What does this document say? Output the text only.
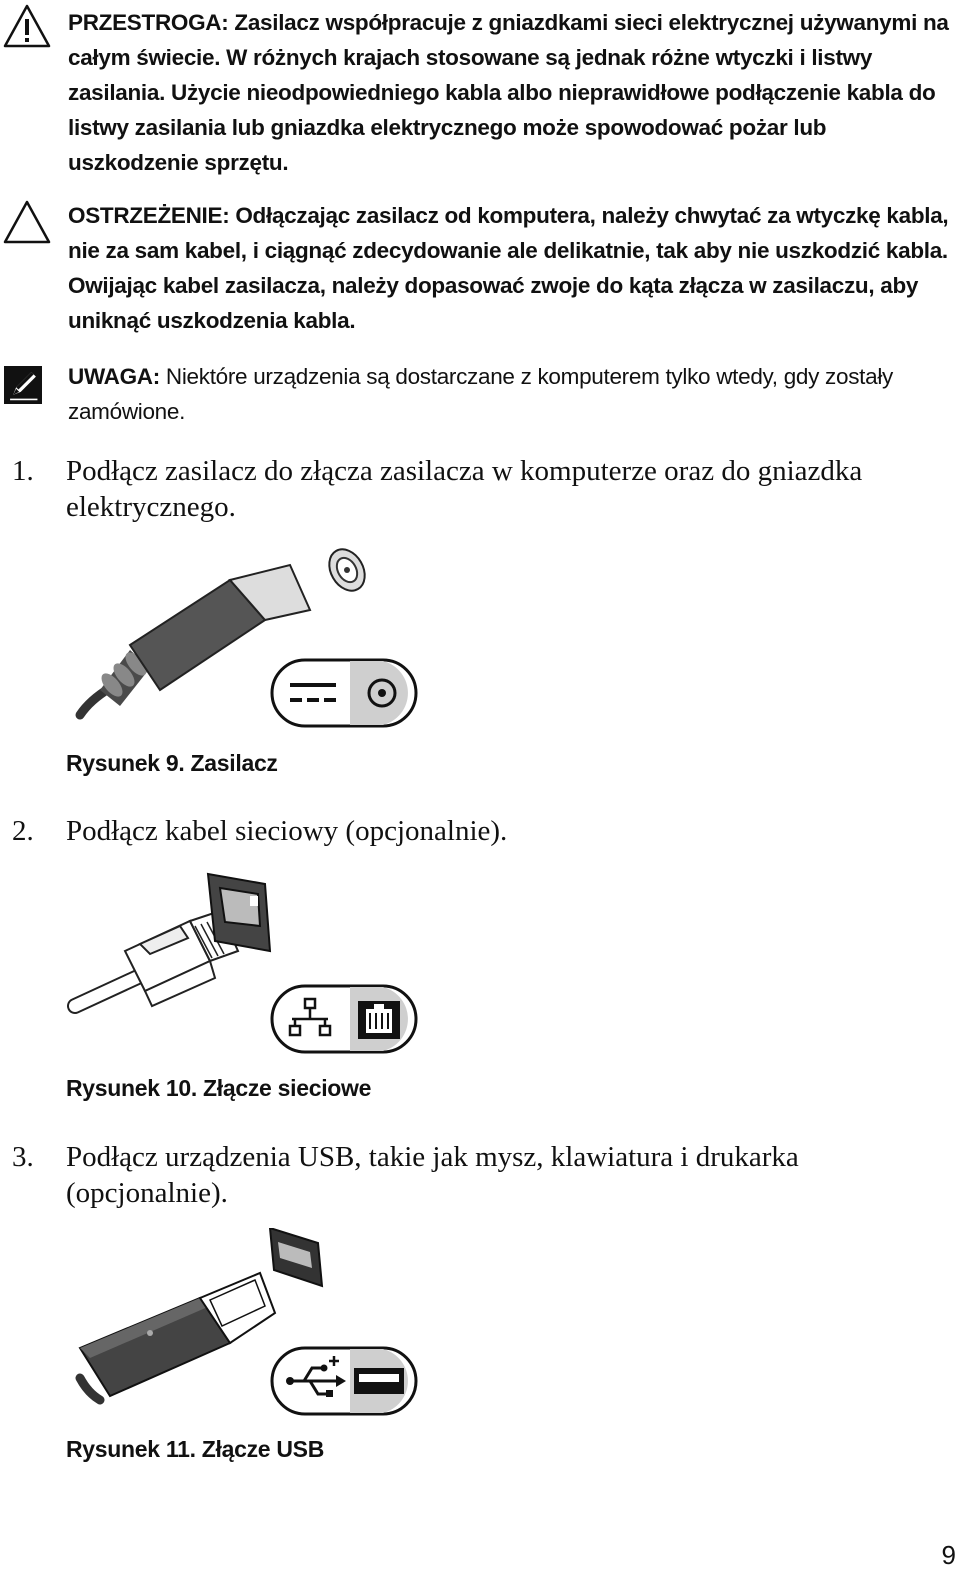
PRZESTROGA: Zasilacz współpracuje z gniazdkami sieci elektrycznej używanymi na całym świecie. W różnych krajach stosowane są jednak różne wtyczki i listwy zasilania. Użycie nieodpowiedniego kabla albo nieprawidłowe podłączenie kabla do listwy zasilania lub gniazdka elektrycznego może spowodować pożar lub uszkodzenie sprzętu.
OSTRZEŻENIE: Odłączając zasilacz od komputera, należy chwytać za wtyczkę kabla, nie za sam kabel, i ciągnąć zdecydowanie ale delikatnie, tak aby nie uszkodzić kabla. Owijając kabel zasilacza, należy dopasować zwoje do kąta złącza w zasilaczu, aby uniknąć uszkodzenia kabla.
UWAGA: Niektóre urządzenia są dostarczane z komputerem tylko wtedy, gdy zostały zamówione.
1. Podłącz zasilacz do złącza zasilacza w komputerze oraz do gniazdka elektrycznego.
Rysunek 9. Zasilacz
2. Podłącz kabel sieciowy (opcjonalnie).
Rysunek 10. Złącze sieciowe
3. Podłącz urządzenia USB, takie jak mysz, klawiatura i drukarka (opcjonalnie).
Rysunek 11. Złącze USB
9
